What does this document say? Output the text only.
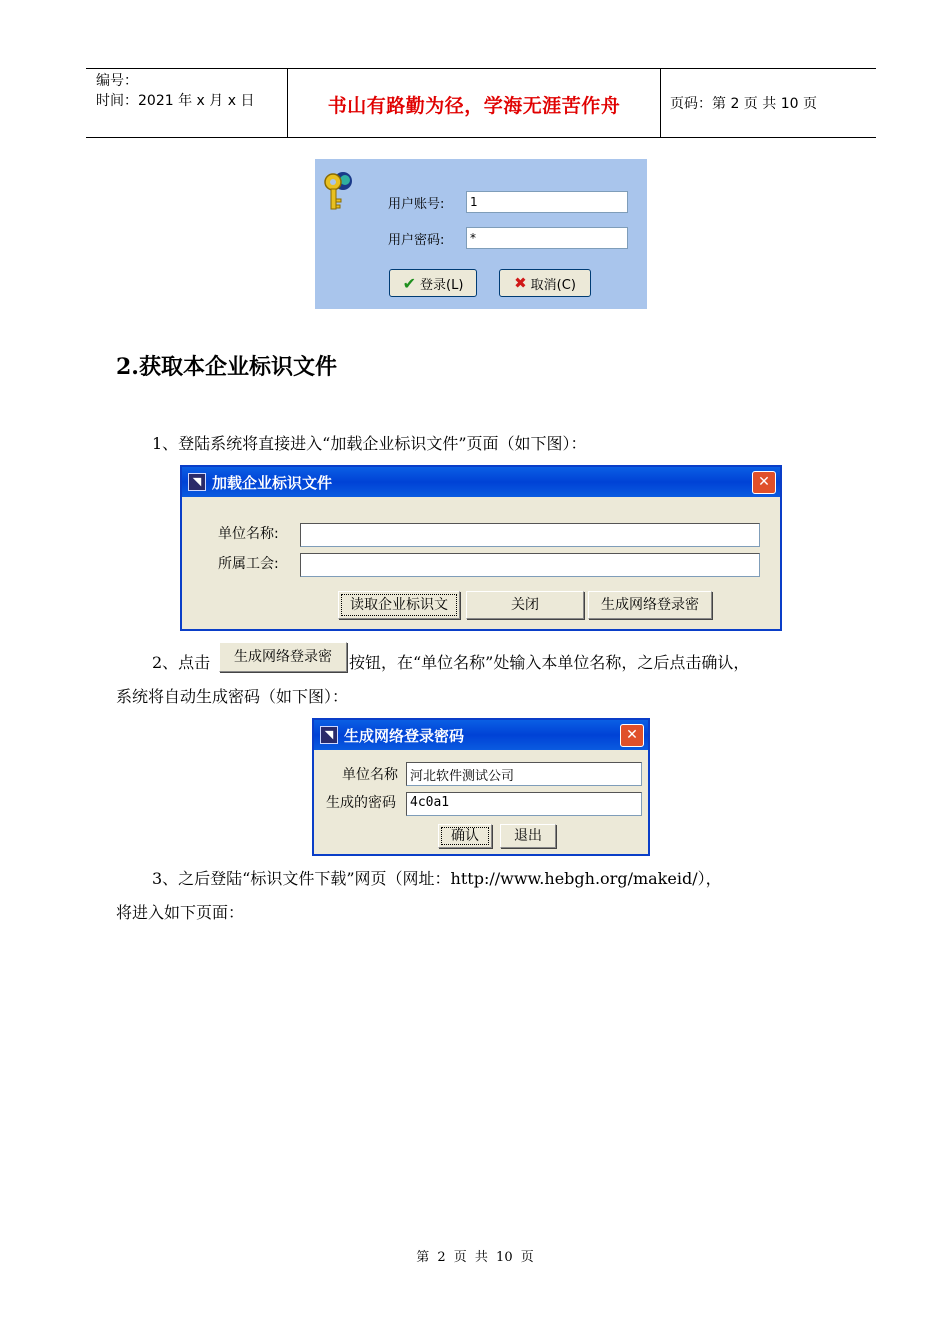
编号：
时间：2021 年 x 月 x 日	书山有路勤为径，学海无涯苦作舟	页码：第 2 页 共 10 页
用户账号:	1
用户密码:	*
✔ 登录(L)	✖ 取消(C)
2.获取本企业标识文件
1、登陆系统将直接进入“加载企业标识文件”页面（如下图）：
◥ 加载企业标识文件	✕
单位名称:
所属工会:
读取企业标识文	关闭	生成网络登录密
2、点击	生成网络登录密	按钮，在“单位名称”处输入本单位名称，之后点击确认，
系统将自动生成密码（如下图）：
◥ 生成网络登录密码	✕
单位名称 河北软件测试公司
生成的密码	4c0a1
确认	退出
3、之后登陆“标识文件下载”网页（网址：http://www.hebgh.org/makeid/），
将进入如下页面：
第 2 页 共 10 页
